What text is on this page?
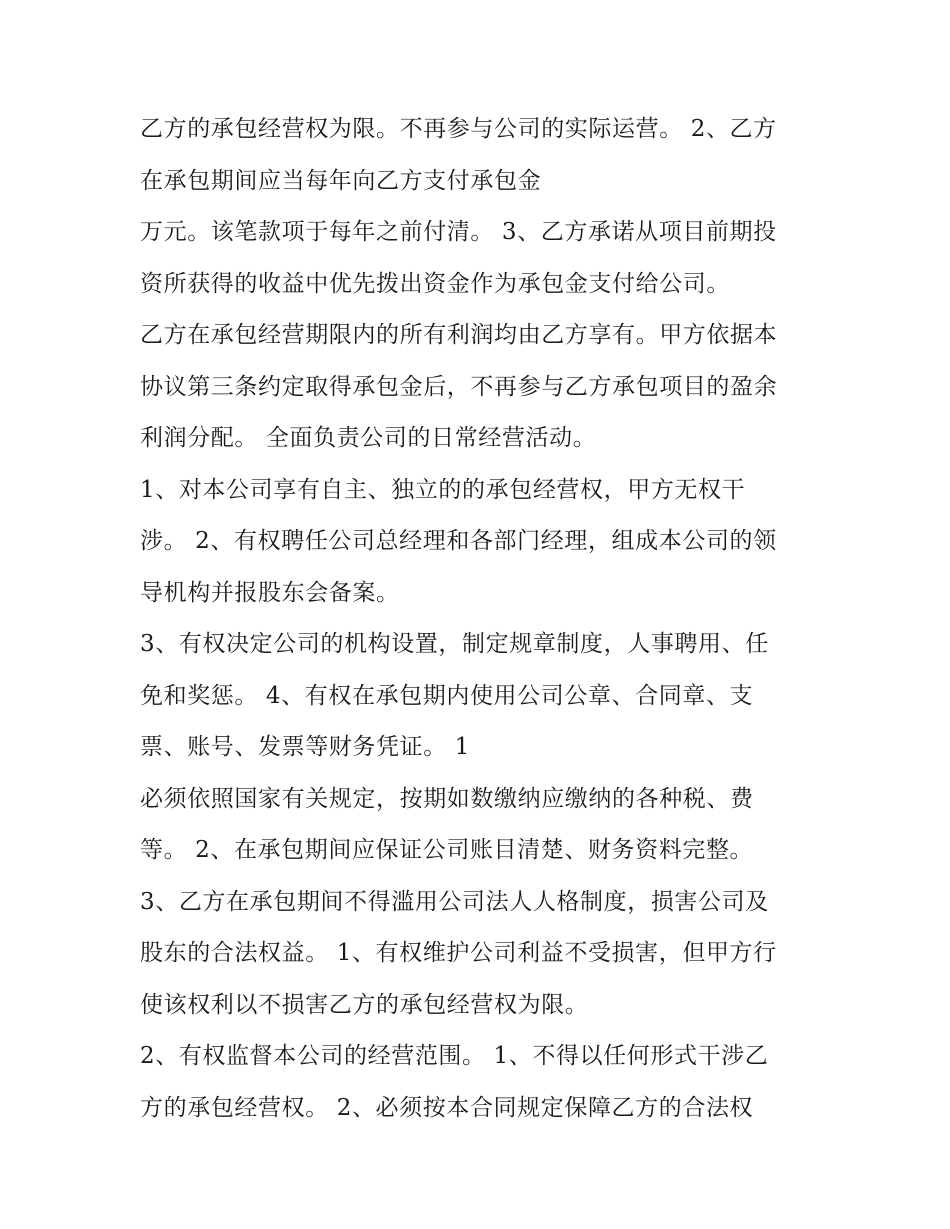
乙方的承包经营权为限。不再参与公司的实际运营。 2、乙方
在承包期间应当每年向乙方支付承包金
万元。该笔款项于每年之前付清。 3、乙方承诺从项目前期投
资所获得的收益中优先拨出资金作为承包金支付给公司。
乙方在承包经营期限内的所有利润均由乙方享有。甲方依据本
协议第三条约定取得承包金后，不再参与乙方承包项目的盈余
利润分配。 全面负责公司的日常经营活动。
1、对本公司享有自主、独立的的承包经营权，甲方无权干
涉。 2、有权聘任公司总经理和各部门经理，组成本公司的领
导机构并报股东会备案。
3、有权决定公司的机构设置，制定规章制度，人事聘用、任
免和奖惩。 4、有权在承包期内使用公司公章、合同章、支
票、账号、发票等财务凭证。 1
必须依照国家有关规定，按期如数缴纳应缴纳的各种税、费
等。 2、在承包期间应保证公司账目清楚、财务资料完整。
3、乙方在承包期间不得滥用公司法人人格制度，损害公司及
股东的合法权益。 1、有权维护公司利益不受损害，但甲方行
使该权利以不损害乙方的承包经营权为限。
2、有权监督本公司的经营范围。 1、不得以任何形式干涉乙
方的承包经营权。 2、必须按本合同规定保障乙方的合法权
